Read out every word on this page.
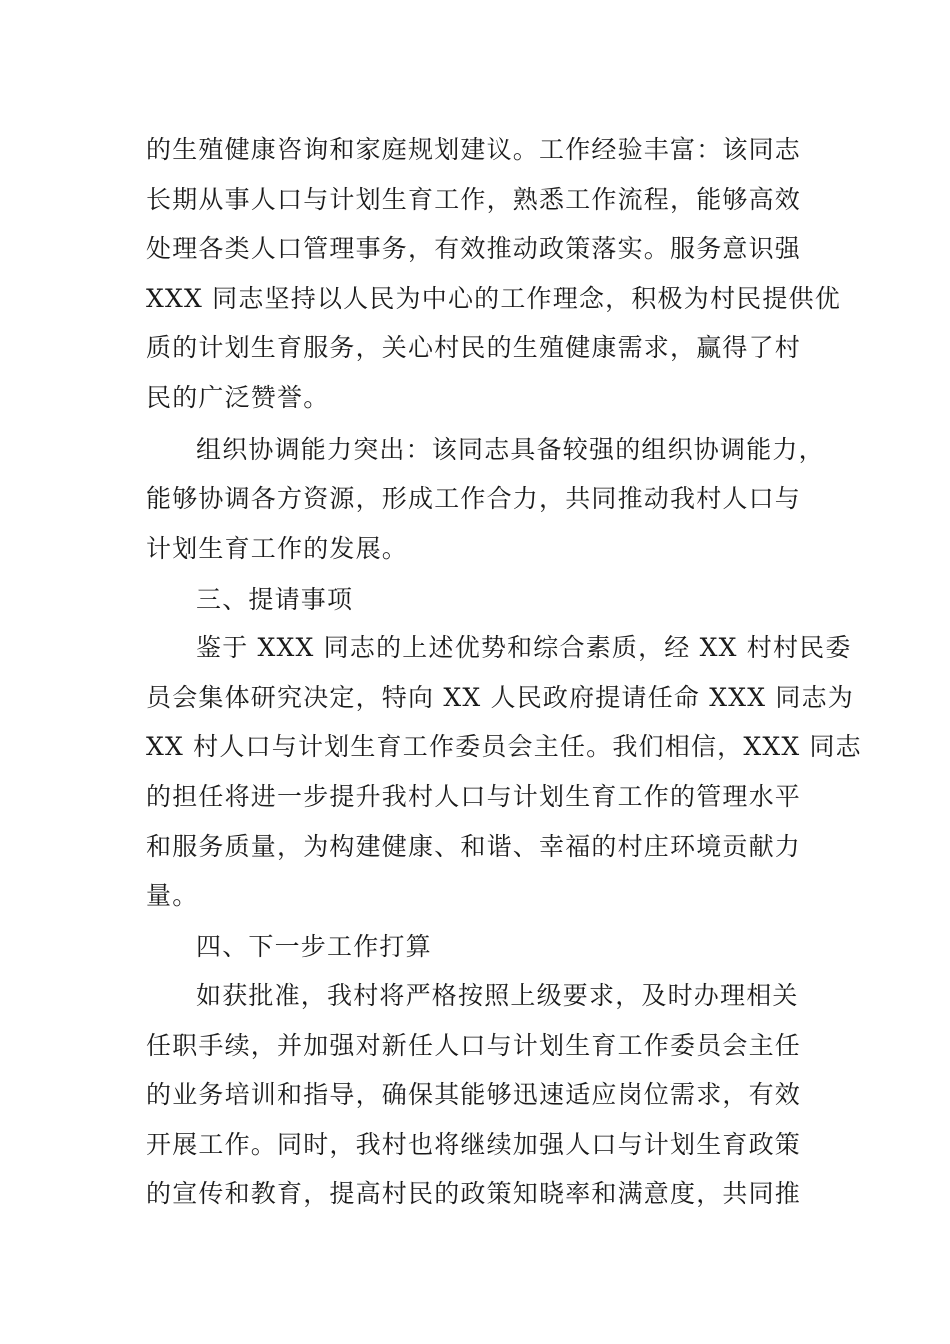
的生殖健康咨询和家庭规划建议。工作经验丰富：该同志
长期从事人口与计划生育工作，熟悉工作流程，能够高效
处理各类人口管理事务，有效推动政策落实。服务意识强
XXX 同志坚持以人民为中心的工作理念，积极为村民提供优
质的计划生育服务，关心村民的生殖健康需求，赢得了村
民的广泛赞誉。
组织协调能力突出：该同志具备较强的组织协调能力，
能够协调各方资源，形成工作合力，共同推动我村人口与
计划生育工作的发展。
三、提请事项
鉴于 XXX 同志的上述优势和综合素质，经 XX 村村民委
员会集体研究决定，特向 XX 人民政府提请任命 XXX 同志为
XX 村人口与计划生育工作委员会主任。我们相信，XXX 同志
的担任将进一步提升我村人口与计划生育工作的管理水平
和服务质量，为构建健康、和谐、幸福的村庄环境贡献力
量。
四、下一步工作打算
如获批准，我村将严格按照上级要求，及时办理相关
任职手续，并加强对新任人口与计划生育工作委员会主任
的业务培训和指导，确保其能够迅速适应岗位需求，有效
开展工作。同时，我村也将继续加强人口与计划生育政策
的宣传和教育，提高村民的政策知晓率和满意度，共同推
